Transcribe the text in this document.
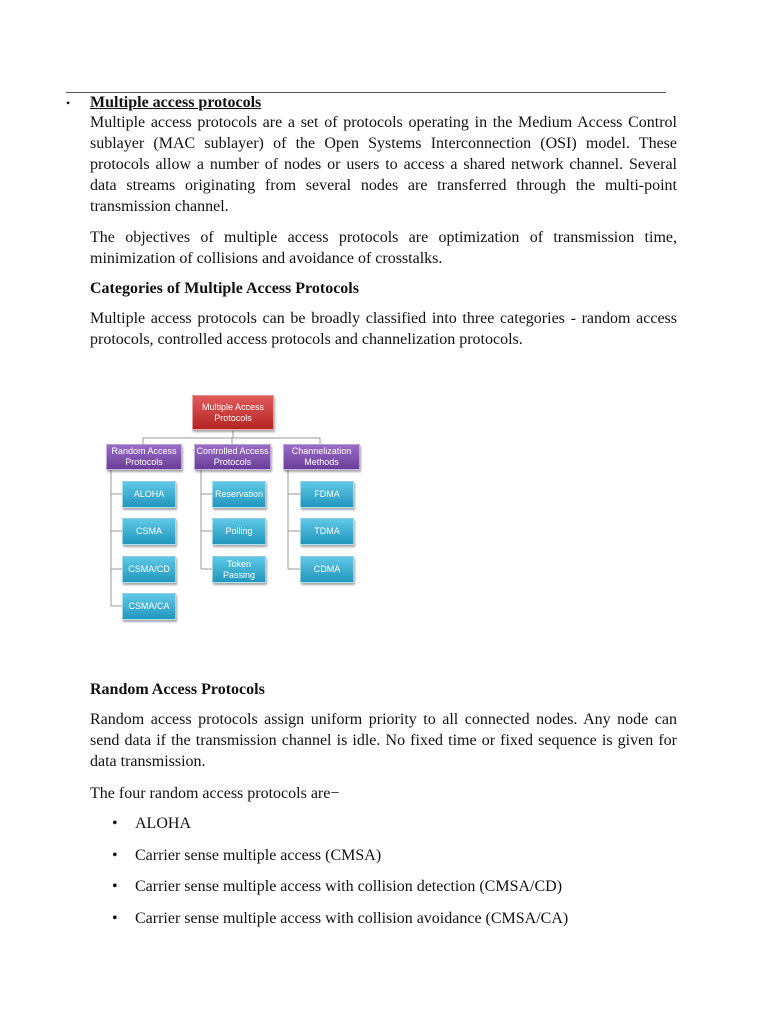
• Multiple access protocols

Multiple access protocols are a set of protocols operating in the Medium Access Control sublayer (MAC sublayer) of the Open Systems Interconnection (OSI) model. These protocols allow a number of nodes or users to access a shared network channel. Several data streams originating from several nodes are transferred through the multi-point transmission channel.

The objectives of multiple access protocols are optimization of transmission time, minimization of collisions and avoidance of crosstalks.

Categories of Multiple Access Protocols

Multiple access protocols can be broadly classified into three categories - random access protocols, controlled access protocols and channelization protocols.

Multiple Access Protocols
Random Access Protocols
Controlled Access Protocols
Channelization Methods
ALOHA
CSMA
CSMA/CD
CSMA/CA
Reservation
Polling
Token Passing
FDMA
TDMA
CDMA

Random Access Protocols

Random access protocols assign uniform priority to all connected nodes. Any node can send data if the transmission channel is idle. No fixed time or fixed sequence is given for data transmission.

The four random access protocols are−

• ALOHA
• Carrier sense multiple access (CMSA)
• Carrier sense multiple access with collision detection (CMSA/CD)
• Carrier sense multiple access with collision avoidance (CMSA/CA)
